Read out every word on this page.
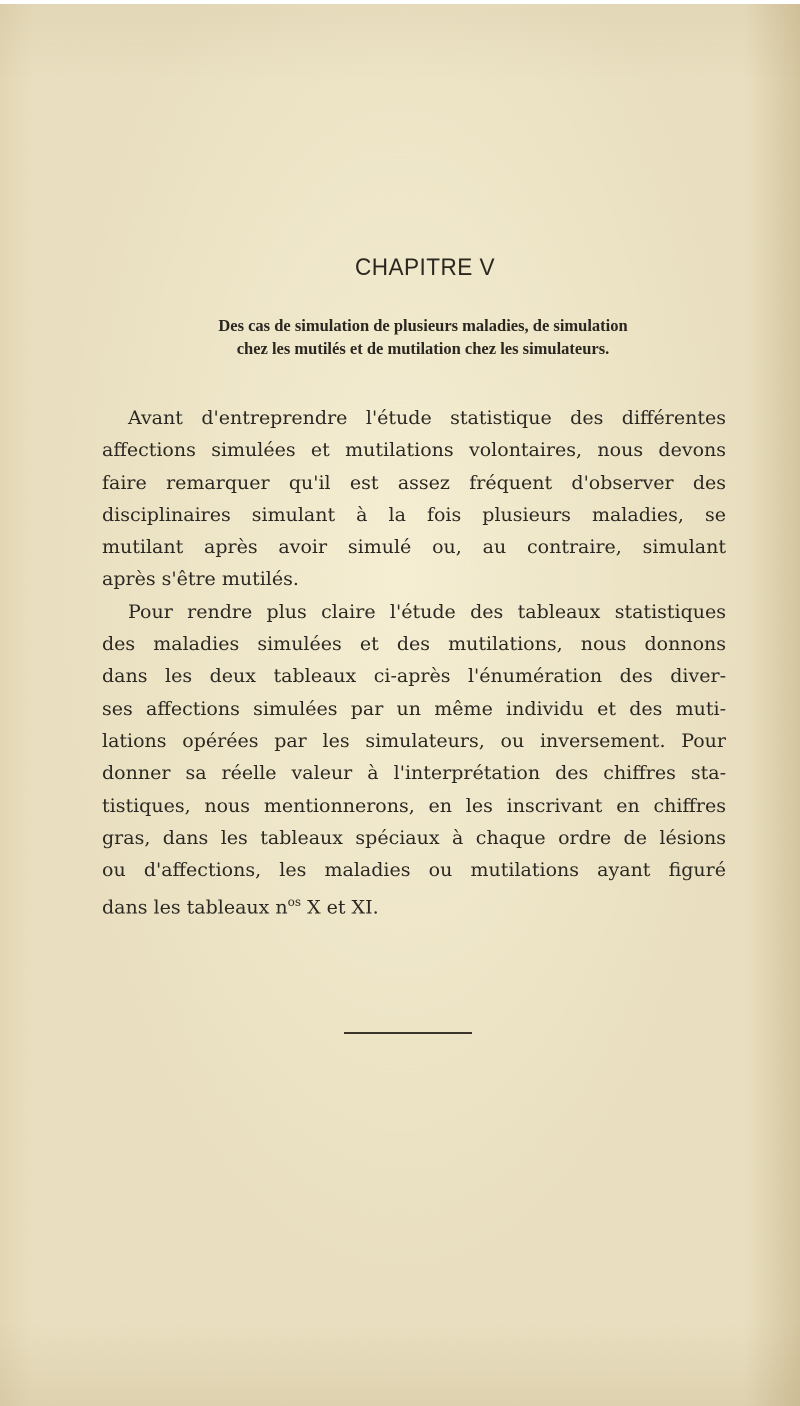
CHAPITRE V
Des cas de simulation de plusieurs maladies, de simulation
chez les mutilés et de mutilation chez les simulateurs.

Avant d'entreprendre l'étude statistique des différentes
affections simulées et mutilations volontaires, nous devons
faire remarquer qu'il est assez fréquent d'observer des
disciplinaires simulant à la fois plusieurs maladies, se
mutilant après avoir simulé ou, au contraire, simulant
après s'être mutilés.

Pour rendre plus claire l'étude des tableaux statistiques
des maladies simulées et des mutilations, nous donnons
dans les deux tableaux ci-après l'énumération des diver-
ses affections simulées par un même individu et des muti-
lations opérées par les simulateurs, ou inversement. Pour
donner sa réelle valeur à l'interprétation des chiffres sta-
tistiques, nous mentionnerons, en les inscrivant en chiffres
gras, dans les tableaux spéciaux à chaque ordre de lésions
ou d'affections, les maladies ou mutilations ayant figuré
dans les tableaux $n^{os}$ X et XI.
